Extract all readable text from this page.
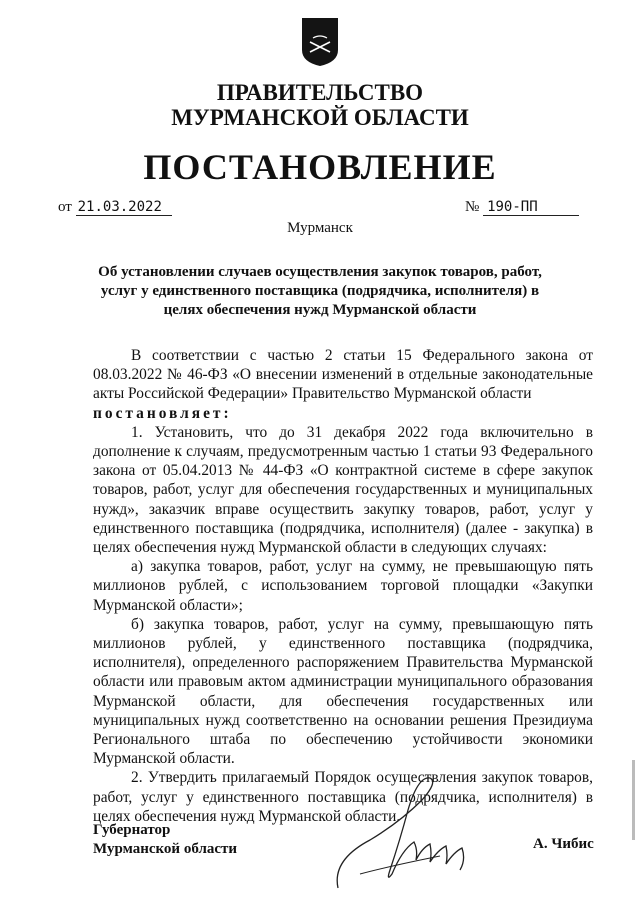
ПРАВИТЕЛЬСТВО
МУРМАНСКОЙ ОБЛАСТИ
ПОСТАНОВЛЕНИЕ
от 21.03.2022	№ 190-ПП
Мурманск
Об установлении случаев осуществления закупок товаров, работ, услуг у единственного поставщика (подрядчика, исполнителя) в целях обеспечения нужд Мурманской области

В соответствии с частью 2 статьи 15 Федерального закона от 08.03.2022 № 46-ФЗ «О внесении изменений в отдельные законодательные акты Российской Федерации» Правительство Мурманской области

постановляет:

1. Установить, что до 31 декабря 2022 года включительно в дополнение к случаям, предусмотренным частью 1 статьи 93 Федерального закона от 05.04.2013 № 44-ФЗ «О контрактной системе в сфере закупок товаров, работ, услуг для обеспечения государственных и муниципальных нужд», заказчик вправе осуществить закупку товаров, работ, услуг у единственного поставщика (подрядчика, исполнителя) (далее - закупка) в целях обеспечения нужд Мурманской области в следующих случаях:

а) закупка товаров, работ, услуг на сумму, не превышающую пять миллионов рублей, с использованием торговой площадки «Закупки Мурманской области»;

б) закупка товаров, работ, услуг на сумму, превышающую пять миллионов рублей, у единственного поставщика (подрядчика, исполнителя), определенного распоряжением Правительства Мурманской области или правовым актом администрации муниципального образования Мурманской области, для обеспечения государственных или муниципальных нужд соответственно на основании решения Президиума Регионального штаба по обеспечению устойчивости экономики Мурманской области.

2. Утвердить прилагаемый Порядок осуществления закупок товаров, работ, услуг у единственного поставщика (подрядчика, исполнителя) в целях обеспечения нужд Мурманской области.

Губернатор
Мурманской области	А. Чибис
